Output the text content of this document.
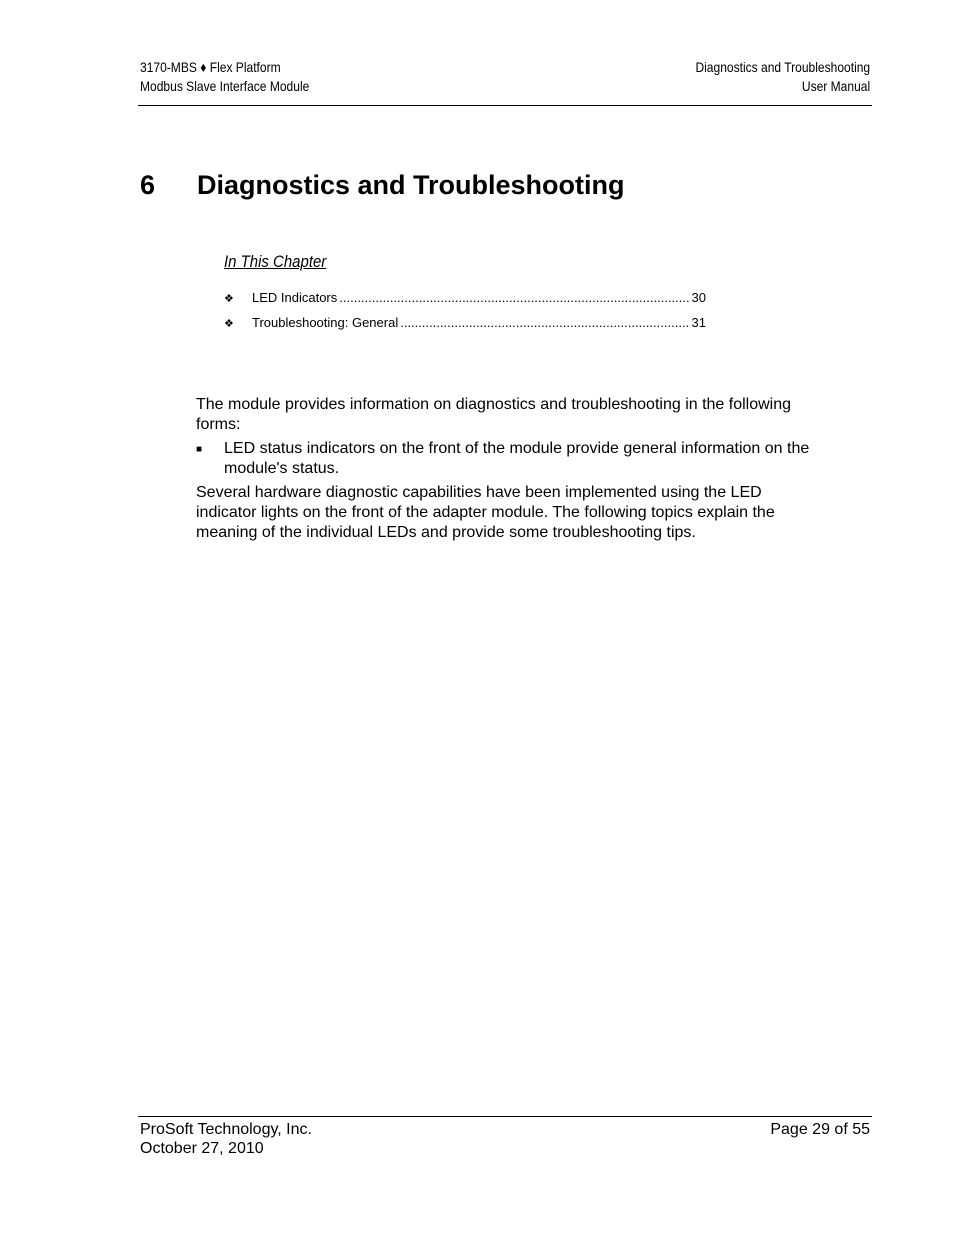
3170-MBS ♦ Flex Platform
Modbus Slave Interface Module
Diagnostics and Troubleshooting
User Manual
6 Diagnostics and Troubleshooting
In This Chapter
❖	LED Indicators .....	30
❖	Troubleshooting: General .....	31

The module provides information on diagnostics and troubleshooting in the following forms:

■	LED status indicators on the front of the module provide general information on the module's status.

Several hardware diagnostic capabilities have been implemented using the LED indicator lights on the front of the adapter module. The following topics explain the meaning of the individual LEDs and provide some troubleshooting tips.

ProSoft Technology, Inc.
October 27, 2010
Page 29 of 55
